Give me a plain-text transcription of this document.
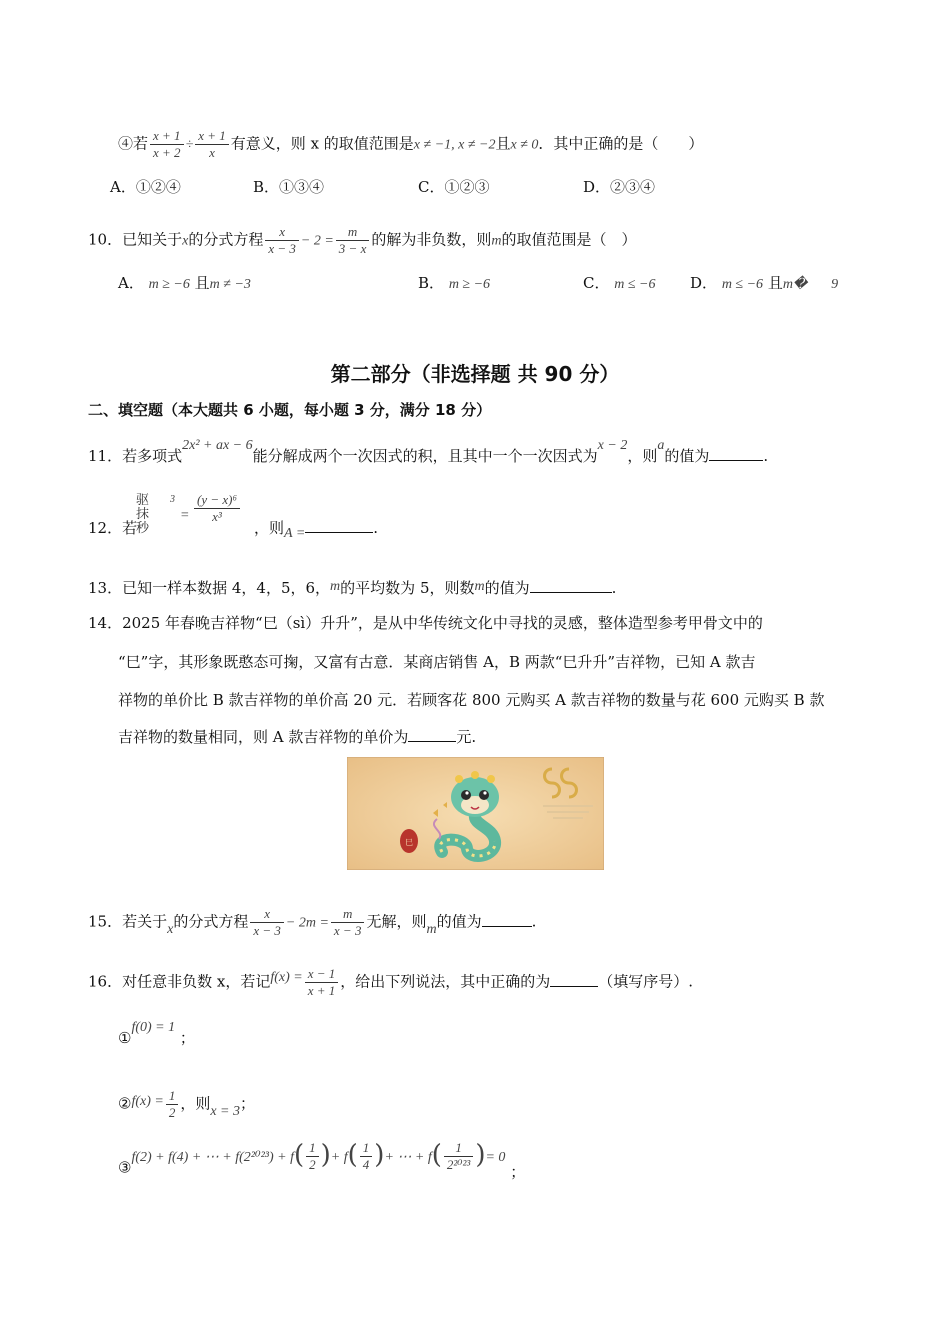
④若 $\frac{x + 1}{x + 2} \div \frac{x + 1}{x}$ 有意义，则 x 的取值范围是x ≠ −1, x ≠ −2且x ≠ 0．其中正确的是（　　）
A．①②④	B．①③④	C．①②③	D．②③④
10．已知关于x的分式方程 $\frac{x}{x - 3} - 2 = \frac{m}{3 - x}$ 的解为非负数，则m的取值范围是（　）
A． m ≥ −6 且m ≠ −3	B． m ≥ −6	C． m ≤ −6 D． m ≤ −6 且m� 9
第二部分（非选择题 共 90 分）
二、填空题（本大题共 6 小题，每小题 3 分，满分 18 分）
11．若多项式2x² + ax − 6能分解成两个一次因式的积，且其中一个一次因式为x − 2，则a的值为	.
12．若
驱
抹
秒
3
= $\frac{\text{(y − x)⁶}}{\text{x³}}$
，则A =	.
13．已知一样本数据 4，4，5，6，m的平均数为 5，则数m的值为	.
14．2025 年春晚吉祥物“巳（sì）升升”，是从中华传统文化中寻找的灵感，整体造型参考甲骨文中的
“巳”字，其形象既憨态可掬，又富有古意．某商店销售 A，B 两款“巳升升”吉祥物，已知 A 款吉
祥物的单价比 B 款吉祥物的单价高 20 元．若顾客花 800 元购买 A 款吉祥物的数量与花 600 元购买 B 款
吉祥物的数量相同，则 A 款吉祥物的单价为	元.
巳
15．若关于x的分式方程 $\frac{x}{x - 3} - 2m = \frac{m}{x - 3}$ 无解，则m的值为	.
16．对任意非负数 x，若记$f(x) = \frac{x - 1}{x + 1}$ ，给出下列说法，其中正确的为	（填写序号）.
①f(0) = 1 ；
②f(x) = $\frac{1}{2}$ ，则x = 3；
③f(2) + f(4) + ⋯ + $f(2^{2023}) + f( \frac{1}{2}$ )+ $f( \frac{1}{4}$ )+ ⋯ + $f( \frac{1}{\text{2²⁰²³}}$ )= 0 ；
